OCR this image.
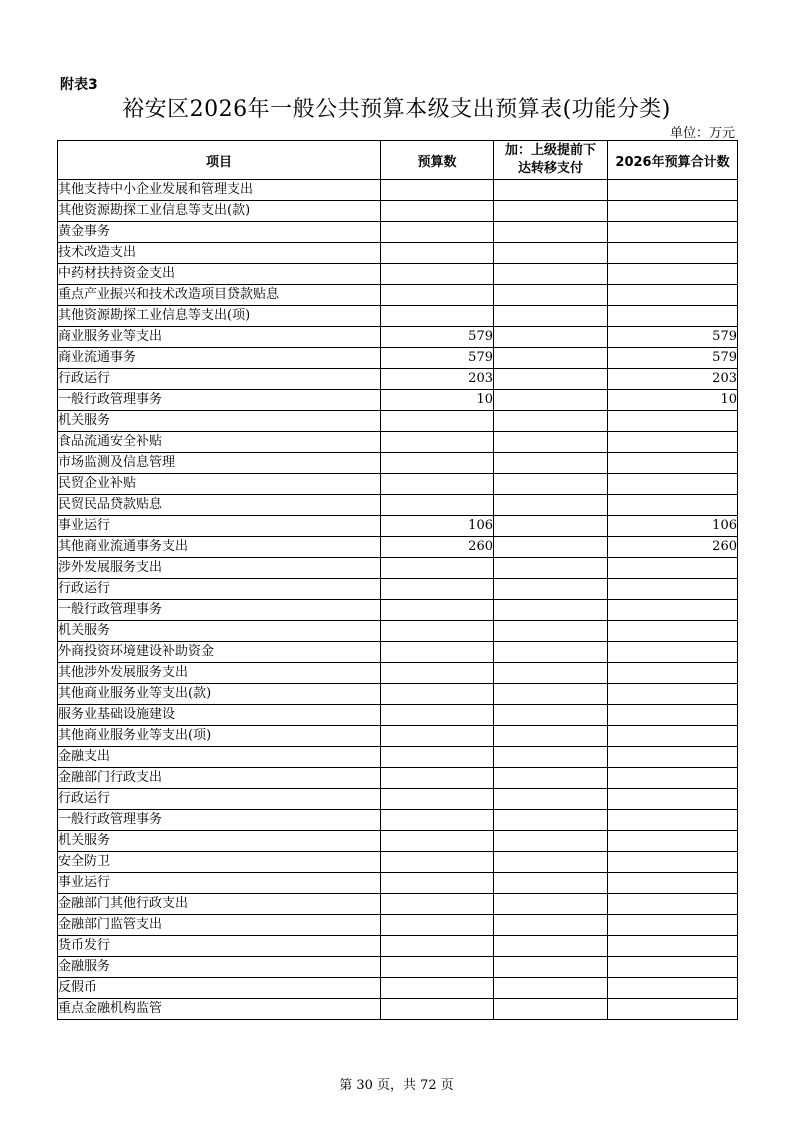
附表3
裕安区2026年一般公共预算本级支出预算表(功能分类)
单位：万元
项目	预算数	加：上级提前下
达转移支付	2026年预算合计数
其他支持中小企业发展和管理支出			
其他资源勘探工业信息等支出(款)			
黄金事务			
技术改造支出			
中药材扶持资金支出			
重点产业振兴和技术改造项目贷款贴息			
其他资源勘探工业信息等支出(项)			
商业服务业等支出	579		579
商业流通事务	579		579
行政运行	203		203
一般行政管理事务	10		10
机关服务			
食品流通安全补贴			
市场监测及信息管理			
民贸企业补贴			
民贸民品贷款贴息			
事业运行	106		106
其他商业流通事务支出	260		260
涉外发展服务支出			
行政运行			
一般行政管理事务			
机关服务			
外商投资环境建设补助资金			
其他涉外发展服务支出			
其他商业服务业等支出(款)			
服务业基础设施建设			
其他商业服务业等支出(项)			
金融支出			
金融部门行政支出			
行政运行			
一般行政管理事务			
机关服务			
安全防卫			
事业运行			
金融部门其他行政支出			
金融部门监管支出			
货币发行			
金融服务			
反假币			
重点金融机构监管			
第 30 页，共 72 页
